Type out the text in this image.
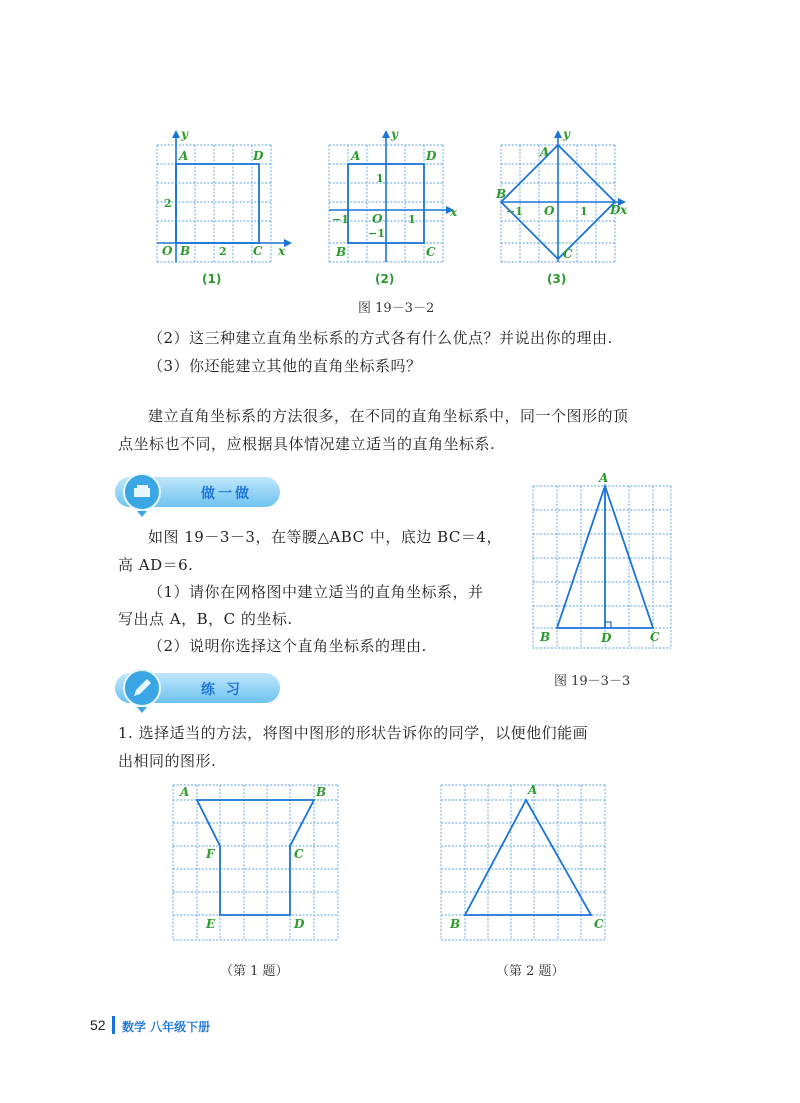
y
x
A	D
O B	C
2
2
(1)
y
x
A	D
B	C
O
1
−1	1
−1
(2)
y
x
A
B
D
C
O
−1	1
(3)
图 19－3－2
（2）这三种建立直角坐标系的方式各有什么优点？并说出你的理由.
（3）你还能建立其他的直角坐标系吗？
建立直角坐标系的方法很多，在不同的直角坐标系中，同一个图形的顶
点坐标也不同，应根据具体情况建立适当的直角坐标系.
做一做
如图 19－3－3，在等腰△ABC 中，底边 BC＝4，
高 AD＝6.
（1）请你在网格图中建立适当的直角坐标系，并
写出点 A，B，C 的坐标.
（2）说明你选择这个直角坐标系的理由.
A
B	D	C
图 19－3－3
练 习
1. 选择适当的方法，将图中图形的形状告诉你的同学，以便他们能画
出相同的图形.
A	B
F	C
E	D
（第 1 题）
A
B	C
（第 2 题）
52 数学 八年级下册
